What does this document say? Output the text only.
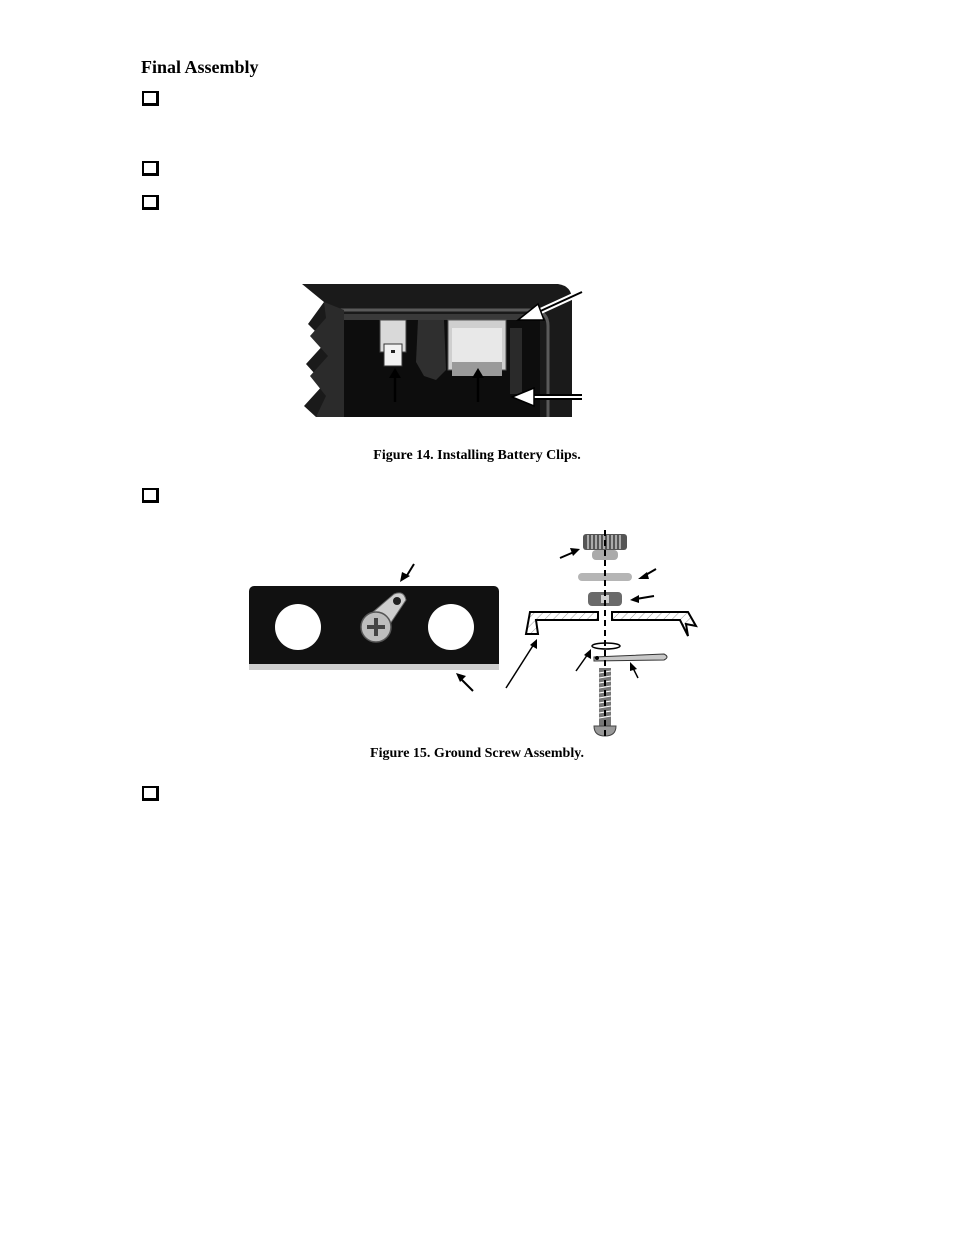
Final Assembly
Figure 14. Installing Battery Clips.
Figure 15. Ground Screw Assembly.
